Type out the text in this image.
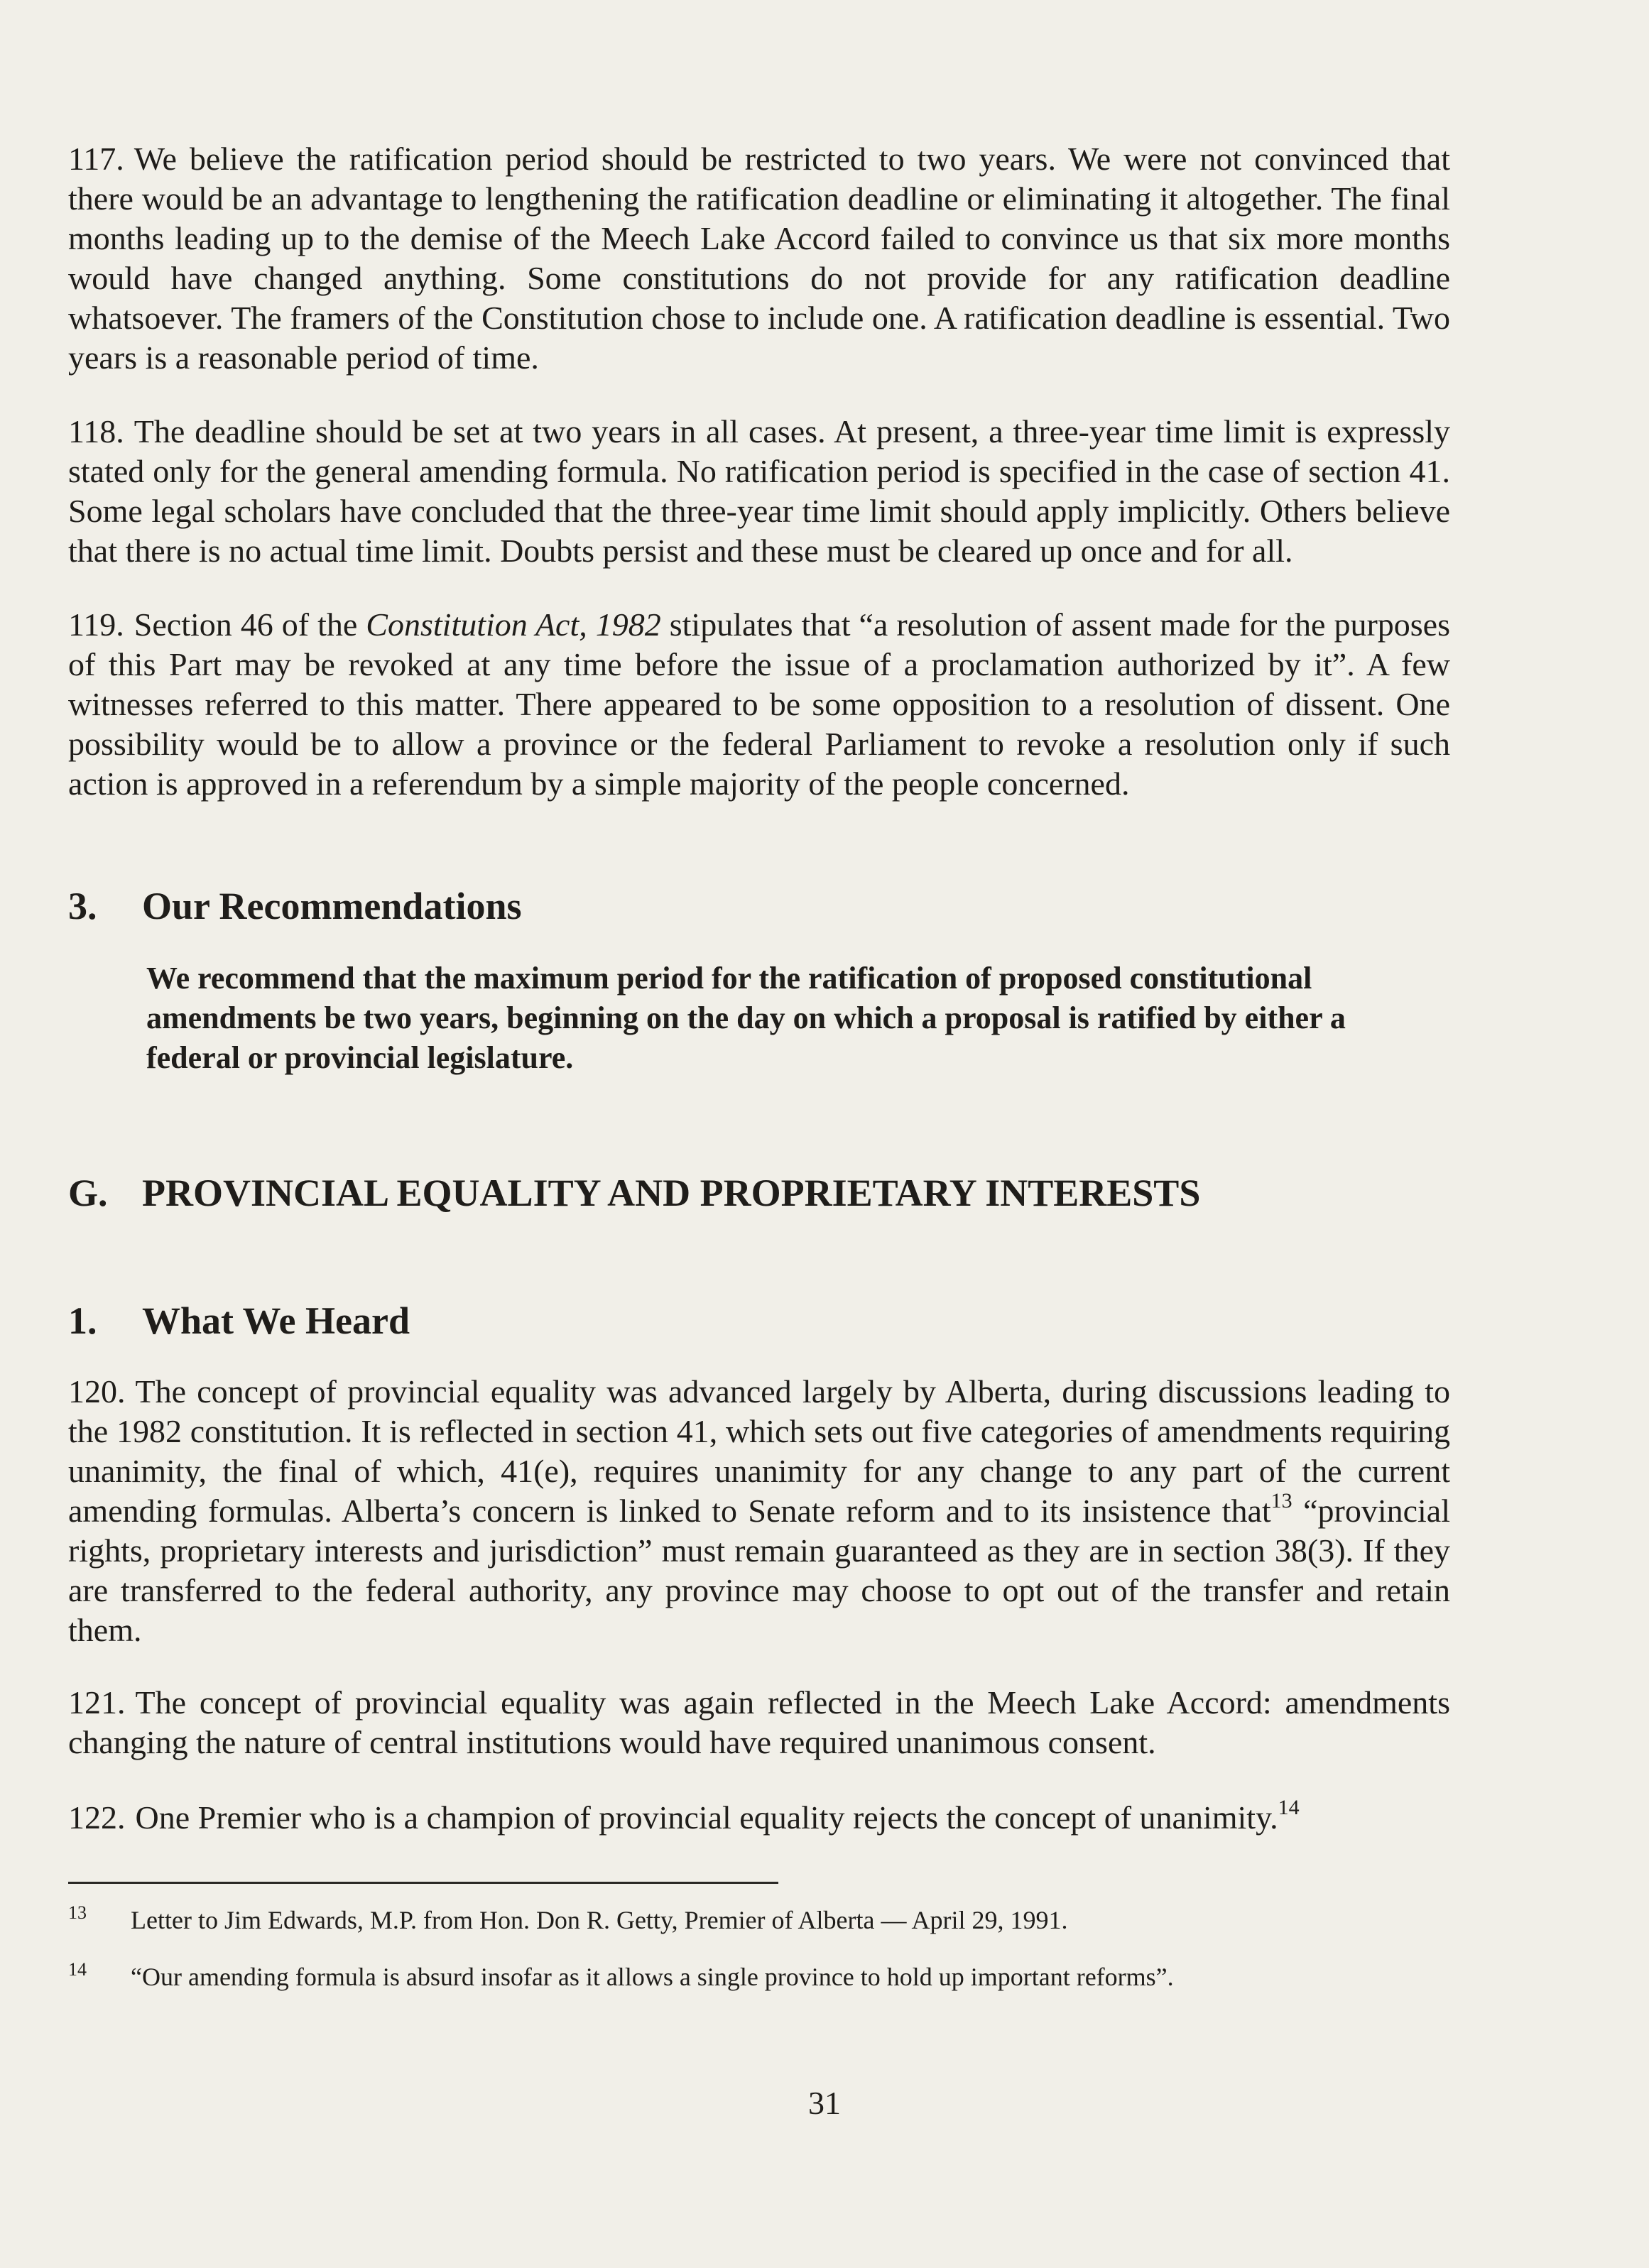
117. We believe the ratification period should be restricted to two years. We were not convinced that there would be an advantage to lengthening the ratification deadline or eliminating it altogether. The final months leading up to the demise of the Meech Lake Accord failed to convince us that six more months would have changed anything. Some constitutions do not provide for any ratification deadline whatsoever. The framers of the Constitution chose to include one. A ratification deadline is essential. Two years is a reasonable period of time.

118. The deadline should be set at two years in all cases. At present, a three-year time limit is expressly stated only for the general amending formula. No ratification period is specified in the case of section 41. Some legal scholars have concluded that the three-year time limit should apply implicitly. Others believe that there is no actual time limit. Doubts persist and these must be cleared up once and for all.

119. Section 46 of the Constitution Act, 1982 stipulates that “a resolution of assent made for the purposes of this Part may be revoked at any time before the issue of a proclamation authorized by it”. A few witnesses referred to this matter. There appeared to be some opposition to a resolution of dissent. One possibility would be to allow a province or the federal Parliament to revoke a resolution only if such action is approved in a referendum by a simple majority of the people concerned.

3. Our Recommendations

We recommend that the maximum period for the ratification of proposed constitutional amendments be two years, beginning on the day on which a proposal is ratified by either a federal or provincial legislature.

G. PROVINCIAL EQUALITY AND PROPRIETARY INTERESTS

1. What We Heard

120. The concept of provincial equality was advanced largely by Alberta, during discussions leading to the 1982 constitution. It is reflected in section 41, which sets out five categories of amendments requiring unanimity, the final of which, 41(e), requires unanimity for any change to any part of the current amending formulas. Alberta’s concern is linked to Senate reform and to its insistence that$^{13}$ “provincial rights, proprietary interests and jurisdiction” must remain guaranteed as they are in section 38(3). If they are transferred to the federal authority, any province may choose to opt out of the transfer and retain them.

121. The concept of provincial equality was again reflected in the Meech Lake Accord: amendments changing the nature of central institutions would have required unanimous consent.

122. One Premier who is a champion of provincial equality rejects the concept of unanimity.$^{14}$

13 Letter to Jim Edwards, M.P. from Hon. Don R. Getty, Premier of Alberta — April 29, 1991.

14 “Our amending formula is absurd insofar as it allows a single province to hold up important reforms”.

31
